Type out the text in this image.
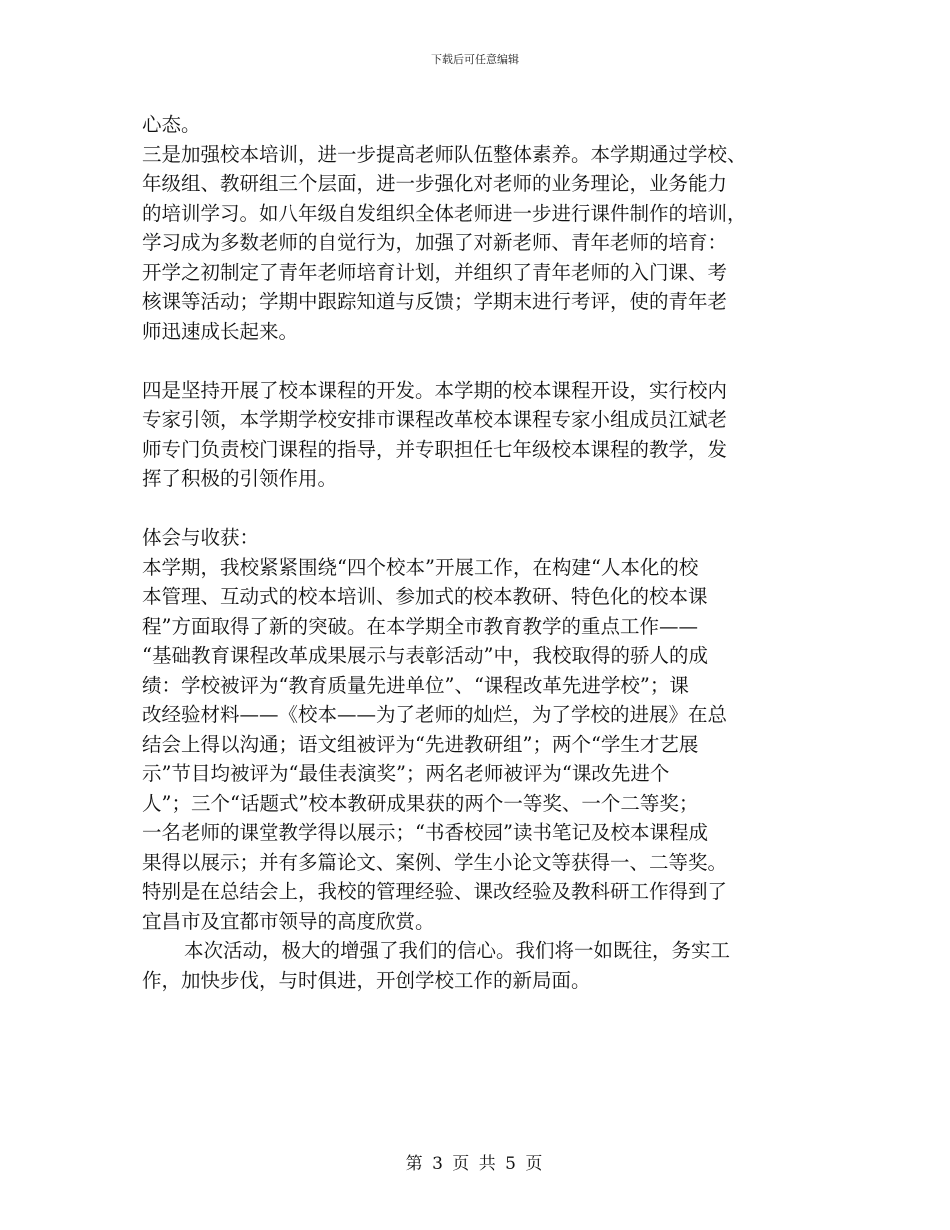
下载后可任意编辑

心态。

三是加强校本培训，进一步提高老师队伍整体素养。本学期通过学校、
年级组、教研组三个层面，进一步强化对老师的业务理论，业务能力
的培训学习。如八年级自发组织全体老师进一步进行课件制作的培训，
学习成为多数老师的自觉行为，加强了对新老师、青年老师的培育：
开学之初制定了青年老师培育计划，并组织了青年老师的入门课、考
核课等活动；学期中跟踪知道与反馈；学期末进行考评，使的青年老
师迅速成长起来。

四是坚持开展了校本课程的开发。本学期的校本课程开设，实行校内
专家引领，本学期学校安排市课程改革校本课程专家小组成员江斌老
师专门负责校门课程的指导，并专职担任七年级校本课程的教学，发
挥了积极的引领作用。

体会与收获：

本学期，我校紧紧围绕“四个校本”开展工作，在构建“人本化的校
本管理、互动式的校本培训、参加式的校本教研、特色化的校本课
程”方面取得了新的突破。在本学期全市教育教学的重点工作——
“基础教育课程改革成果展示与表彰活动”中，我校取得的骄人的成
绩：学校被评为“教育质量先进单位”、“课程改革先进学校”；课
改经验材料——《校本——为了老师的灿烂，为了学校的进展》在总
结会上得以沟通；语文组被评为“先进教研组”；两个“学生才艺展
示”节目均被评为“最佳表演奖”；两名老师被评为“课改先进个
人”；三个“话题式”校本教研成果获的两个一等奖、一个二等奖；
一名老师的课堂教学得以展示；“书香校园”读书笔记及校本课程成
果得以展示；并有多篇论文、案例、学生小论文等获得一、二等奖。
特别是在总结会上，我校的管理经验、课改经验及教科研工作得到了
宜昌市及宜都市领导的高度欣赏。

本次活动，极大的增强了我们的信心。我们将一如既往，务实工
作，加快步伐，与时俱进，开创学校工作的新局面。

第 3 页 共 5 页
